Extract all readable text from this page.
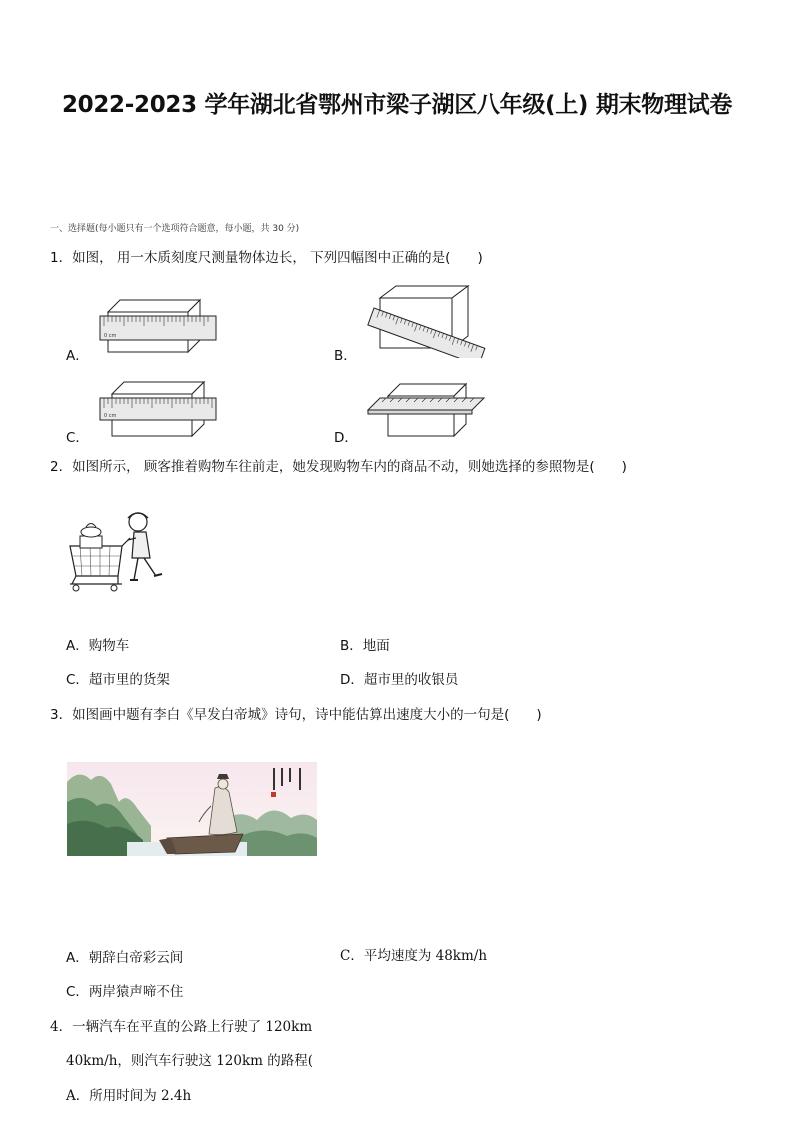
2022-2023 学年湖北省鄂州市梁子湖区八年级(上) 期末物理试卷
一、选择题(每小题只有一个选项符合题意，每小题，共 30 分)
1．如图， 用一木质刻度尺测量物体边长， 下列四幅图中正确的是(　　)
0 cm
A．	B．
0 cm
C．	D．
2．如图所示， 顾客推着购物车往前走，她发现购物车内的商品不动，则她选择的参照物是(　　)
A．购物车	B．地面
C．超市里的货架	D．超市里的收银员
3．如图画中题有李白《早发白帝城》诗句，诗中能估算出速度大小的一句是(　　)
A．朝辞白帝彩云间	C．平均速度为 48km/h
C．两岸猿声啼不住
4．一辆汽车在平直的公路上行驶了 120km
40km/h，则汽车行驶这 120km 的路程(
A．所用时间为 2.4h
